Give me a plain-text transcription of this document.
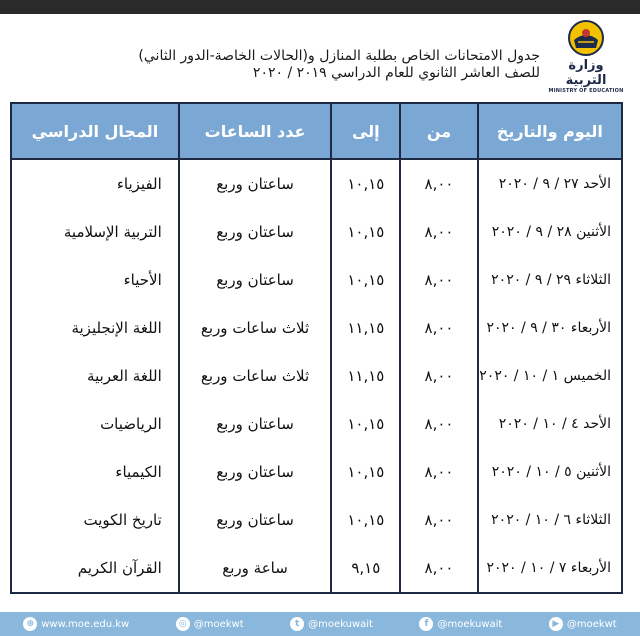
وزارة التربية
MINISTRY OF EDUCATION
جدول الامتحانات الخاص بطلبة المنازل و(الحالات الخاصة-الدور الثاني)
للصف العاشر الثانوي للعام الدراسي ٢٠١٩ / ٢٠٢٠
اليوم والتاريخ	من	إلى	عدد الساعات	المجال الدراسي
الأحد ٢٧ / ٩ / ٢٠٢٠	٨,٠٠	١٠,١٥	ساعتان وربع	الفيزياء
الأثنين ٢٨ / ٩ / ٢٠٢٠	٨,٠٠	١٠,١٥	ساعتان وربع	التربية الإسلامية
الثلاثاء ٢٩ / ٩ / ٢٠٢٠	٨,٠٠	١٠,١٥	ساعتان وربع	الأحياء
الأربعاء ٣٠ / ٩ / ٢٠٢٠	٨,٠٠	١١,١٥	ثلاث ساعات وربع	اللغة الإنجليزية
الخميس ١ / ١٠ / ٢٠٢٠	٨,٠٠	١١,١٥	ثلاث ساعات وربع	اللغة العربية
الأحد ٤ / ١٠ / ٢٠٢٠	٨,٠٠	١٠,١٥	ساعتان وربع	الرياضيات
الأثنين ٥ / ١٠ / ٢٠٢٠	٨,٠٠	١٠,١٥	ساعتان وربع	الكيمياء
الثلاثاء ٦ / ١٠ / ٢٠٢٠	٨,٠٠	١٠,١٥	ساعتان وربع	تاريخ الكويت
الأربعاء ٧ / ١٠ / ٢٠٢٠	٨,٠٠	٩,١٥	ساعة وربع	القرآن الكريم
⊕ www.moe.edu.kw	◎ @moekwt	t @moekuwait	f @moekuwait	▶ @moekwt
